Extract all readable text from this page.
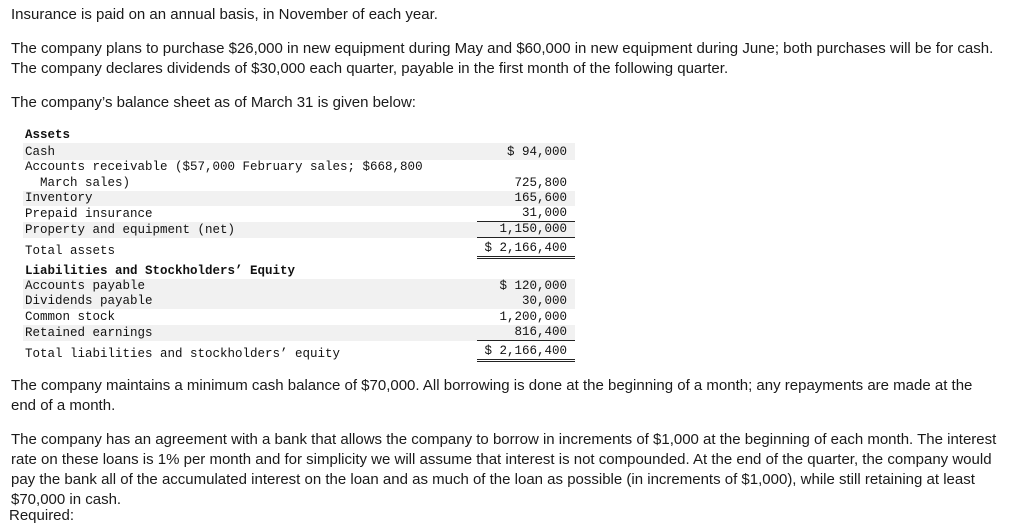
Insurance is paid on an annual basis, in November of each year.

The company plans to purchase $26,000 in new equipment during May and $60,000 in new equipment during June; both purchases will be for cash. The company declares dividends of $30,000 each quarter, payable in the first month of the following quarter.

The company’s balance sheet as of March 31 is given below:

Assets
Cash	$ 94,000
Accounts receivable ($57,000 February sales; $668,800
March sales)	725,800
Inventory	165,600
Prepaid insurance	31,000
Property and equipment (net)	1,150,000
Total assets	$ 2,166,400
Liabilities and Stockholders’ Equity
Accounts payable	$ 120,000
Dividends payable	30,000
Common stock	1,200,000
Retained earnings	816,400
Total liabilities and stockholders’ equity	$ 2,166,400

The company maintains a minimum cash balance of $70,000. All borrowing is done at the beginning of a month; any repayments are made at the end of a month.

The company has an agreement with a bank that allows the company to borrow in increments of $1,000 at the beginning of each month. The interest rate on these loans is 1% per month and for simplicity we will assume that interest is not compounded. At the end of the quarter, the company would pay the bank all of the accumulated interest on the loan and as much of the loan as possible (in increments of $1,000), while still retaining at least $70,000 in cash.

Required:
